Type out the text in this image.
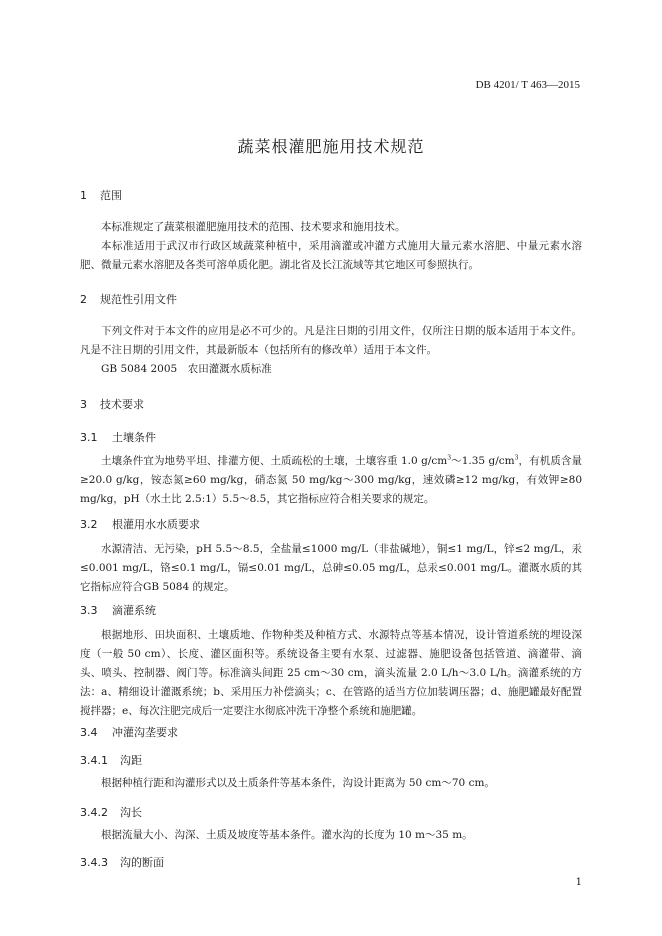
DB 4201/ T 463—2015
蔬菜根灌肥施用技术规范
1 范围
本标准规定了蔬菜根灌肥施用技术的范围、技术要求和施用技术。
本标准适用于武汉市行政区域蔬菜种植中，采用滴灌或冲灌方式施用大量元素水溶肥、中量元素水溶肥、微量元素水溶肥及各类可溶单质化肥。湖北省及长江流域等其它地区可参照执行。
2 规范性引用文件
下列文件对于本文件的应用是必不可少的。凡是注日期的引用文件，仅所注日期的版本适用于本文件。凡是不注日期的引用文件，其最新版本（包括所有的修改单）适用于本文件。
GB 5084 2005　农田灌溉水质标准
3 技术要求
3.1 土壤条件
土壤条件宜为地势平坦、排灌方便、土质疏松的土壤，土壤容重 1.0 $g/cm^3\sim 1.35$ $g/cm^3$，有机质含量≥20.0 g/kg，铵态氮≥60 mg/kg，硝态氮 50 mg/kg～300 mg/kg，速效磷≥12 mg/kg，有效钾≥80 mg/kg，pH（水土比 2.5:1）5.5～8.5，其它指标应符合相关要求的规定。
3.2 根灌用水水质要求
水源清洁、无污染，pH 5.5～8.5，全盐量≤1000 mg/L（非盐碱地），铜≤1 mg/L，锌≤2 mg/L，汞≤0.001 mg/L，铬≤0.1 mg/L，镉≤0.01 mg/L，总砷≤0.05 mg/L，总汞≤0.001 mg/L。灌溉水质的其它指标应符合GB 5084 的规定。
3.3 滴灌系统
根据地形、田块面积、土壤质地、作物种类及种植方式、水源特点等基本情况，设计管道系统的埋设深度（一般 50 cm）、长度、灌区面积等。系统设备主要有水泵、过滤器、施肥设备包括管道、滴灌带、滴头、喷头、控制器、阀门等。标准滴头间距 25 cm～30 cm，滴头流量 2.0 L/h～3.0 L/h。滴灌系统的方法：a、精细设计灌溉系统；b、采用压力补偿滴头；c、在管路的适当方位加装调压器；d、施肥罐最好配置搅拌器；e、每次注肥完成后一定要注水彻底冲洗干净整个系统和施肥罐。
3.4 冲灌沟垄要求
3.4.1 沟距
根据种植行距和沟灌形式以及土质条件等基本条件，沟设计距离为 50 cm～70 cm。
3.4.2 沟长
根据流量大小、沟深、土质及坡度等基本条件。灌水沟的长度为 10 m～35 m。
3.4.3 沟的断面
1
